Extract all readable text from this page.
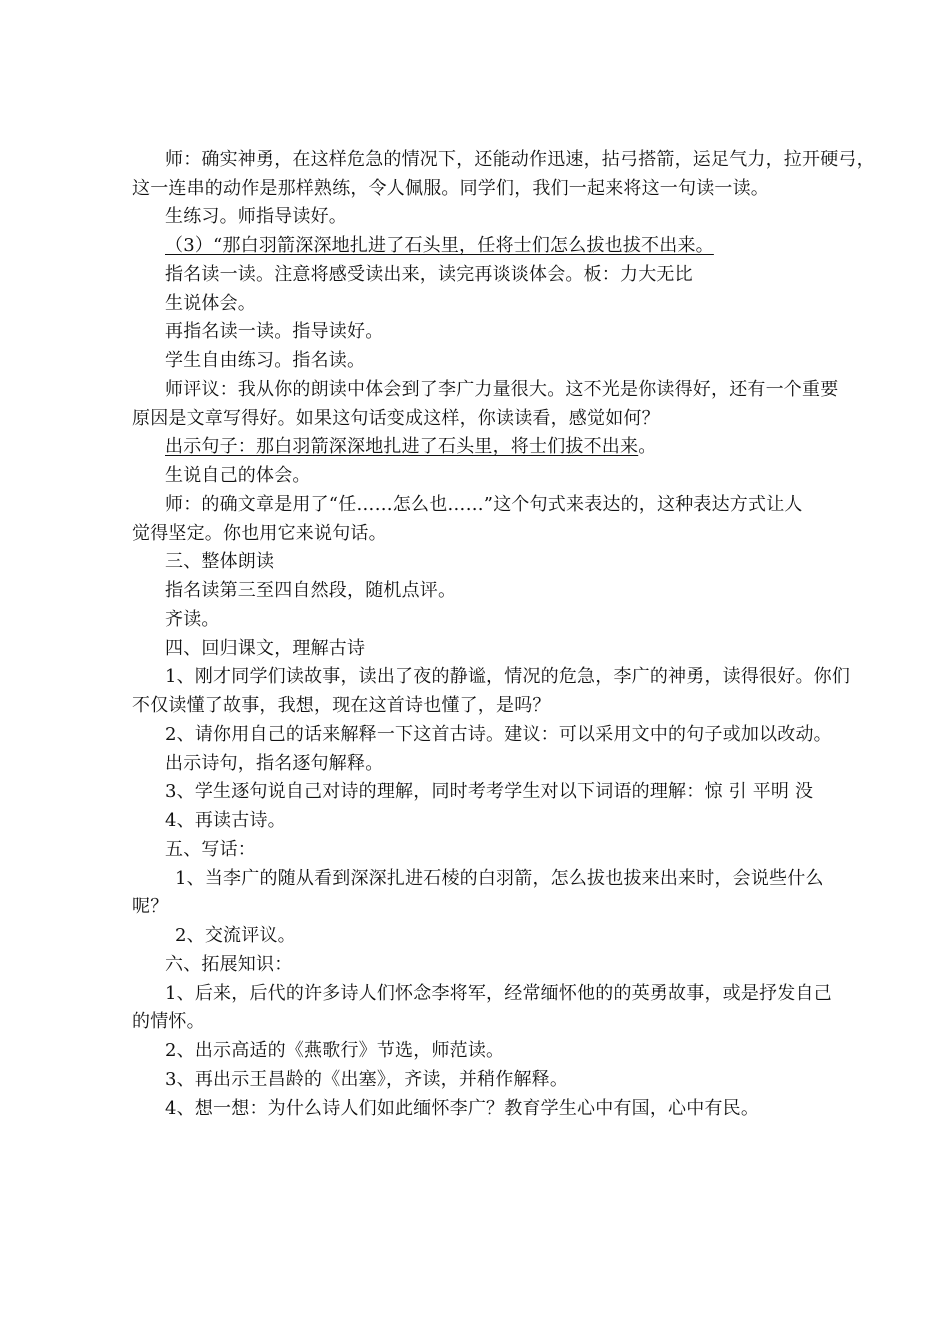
师：确实神勇，在这样危急的情况下，还能动作迅速，拈弓搭箭，运足气力，拉开硬弓，
这一连串的动作是那样熟练，令人佩服。同学们，我们一起来将这一句读一读。
生练习。师指导读好。
（3）“那白羽箭深深地扎进了石头里，任将士们怎么拔也拔不出来。
指名读一读。注意将感受读出来，读完再谈谈体会。板：力大无比
生说体会。
再指名读一读。指导读好。
学生自由练习。指名读。
师评议：我从你的朗读中体会到了李广力量很大。这不光是你读得好，还有一个重要
原因是文章写得好。如果这句话变成这样，你读读看，感觉如何？
出示句子：那白羽箭深深地扎进了石头里，将士们拔不出来。
生说自己的体会。
师：的确文章是用了“任……怎么也……”这个句式来表达的，这种表达方式让人
觉得坚定。你也用它来说句话。
三、整体朗读
指名读第三至四自然段，随机点评。
齐读。
四、回归课文，理解古诗
1、刚才同学们读故事，读出了夜的静谧，情况的危急，李广的神勇，读得很好。你们
不仅读懂了故事，我想，现在这首诗也懂了，是吗？
2、请你用自己的话来解释一下这首古诗。建议：可以采用文中的句子或加以改动。
出示诗句，指名逐句解释。
3、学生逐句说自己对诗的理解，同时考考学生对以下词语的理解：惊 引 平明 没
4、再读古诗。
五、写话：
1、当李广的随从看到深深扎进石棱的白羽箭，怎么拔也拔来出来时，会说些什么
呢？
2、交流评议。
六、拓展知识：
1、后来，后代的许多诗人们怀念李将军，经常缅怀他的的英勇故事，或是抒发自己
的情怀。
2、出示高适的《燕歌行》节选，师范读。
3、再出示王昌龄的《出塞》，齐读，并稍作解释。
4、想一想：为什么诗人们如此缅怀李广？教育学生心中有国，心中有民。
